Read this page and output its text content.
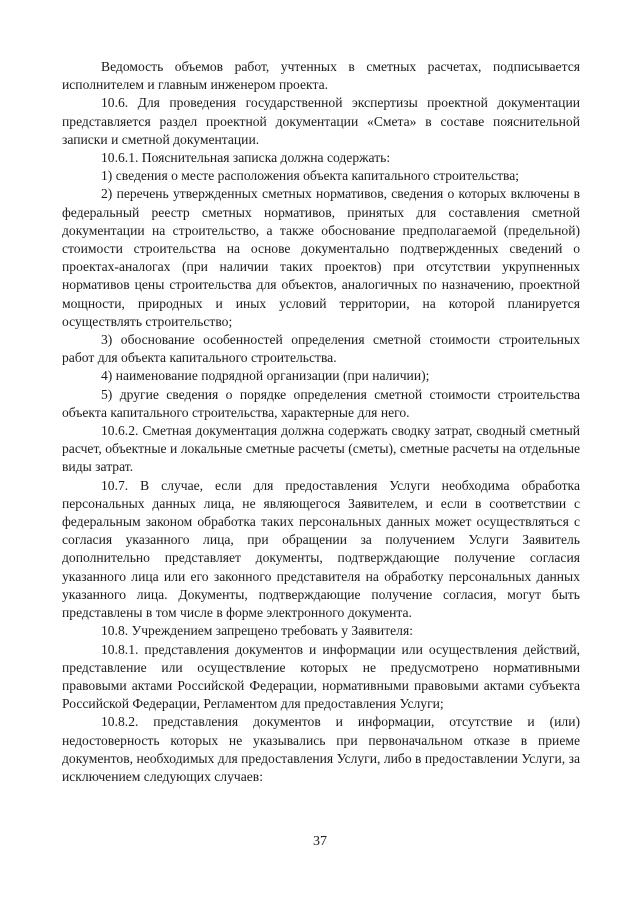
Ведомость объемов работ, учтенных в сметных расчетах, подписывается исполнителем и главным инженером проекта.

10.6. Для проведения государственной экспертизы проектной документации представляется раздел проектной документации «Смета» в составе пояснительной записки и сметной документации.

10.6.1. Пояснительная записка должна содержать:

1) сведения о месте расположения объекта капитального строительства;

2) перечень утвержденных сметных нормативов, сведения о которых включены в федеральный реестр сметных нормативов, принятых для составления сметной документации на строительство, а также обоснование предполагаемой (предельной) стоимости строительства на основе документально подтвержденных сведений о проектах-аналогах (при наличии таких проектов) при отсутствии укрупненных нормативов цены строительства для объектов, аналогичных по назначению, проектной мощности, природных и иных условий территории, на которой планируется осуществлять строительство;

3) обоснование особенностей определения сметной стоимости строительных работ для объекта капитального строительства.

4) наименование подрядной организации (при наличии);

5) другие сведения о порядке определения сметной стоимости строительства объекта капитального строительства, характерные для него.

10.6.2. Сметная документация должна содержать сводку затрат, сводный сметный расчет, объектные и локальные сметные расчеты (сметы), сметные расчеты на отдельные виды затрат.

10.7. В случае, если для предоставления Услуги необходима обработка персональных данных лица, не являющегося Заявителем, и если в соответствии с федеральным законом обработка таких персональных данных может осуществляться с согласия указанного лица, при обращении за получением Услуги Заявитель дополнительно представляет документы, подтверждающие получение согласия указанного лица или его законного представителя на обработку персональных данных указанного лица. Документы, подтверждающие получение согласия, могут быть представлены в том числе в форме электронного документа.

10.8. Учреждением запрещено требовать у Заявителя:

10.8.1. представления документов и информации или осуществления действий, представление или осуществление которых не предусмотрено нормативными правовыми актами Российской Федерации, нормативными правовыми актами субъекта Российской Федерации, Регламентом для предоставления Услуги;

10.8.2. представления документов и информации, отсутствие и (или) недостоверность которых не указывались при первоначальном отказе в приеме документов, необходимых для предоставления Услуги, либо в предоставлении Услуги, за исключением следующих случаев:

37
